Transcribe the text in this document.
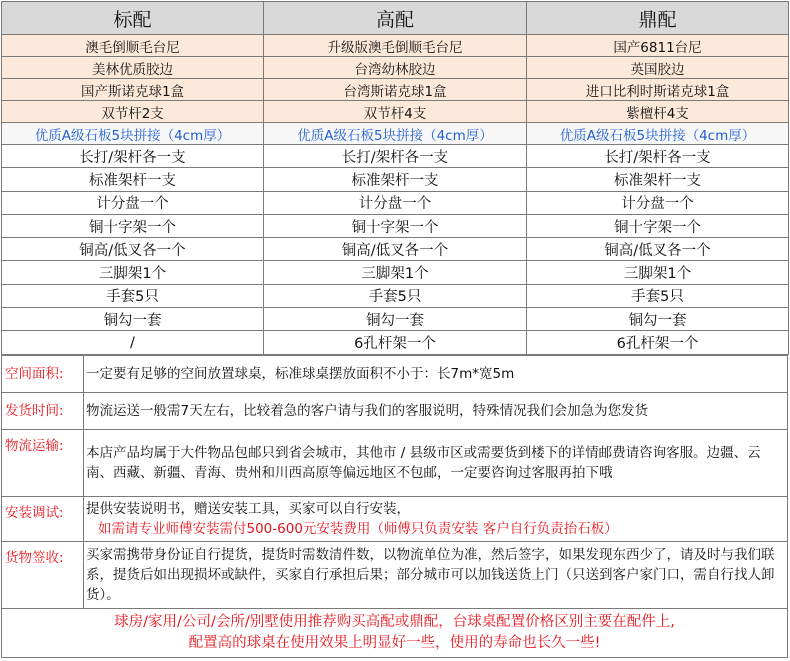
标配	高配	鼎配
澳毛倒顺毛台尼	升级版澳毛倒顺毛台尼	国产6811台尼
美林优质胶边	台湾幼林胶边	英国胶边
国产斯诺克球1盒	台湾斯诺克球1盒	进口比利时斯诺克球1盒
双节杆2支	双节杆4支	紫檀杆4支
优质A级石板5块拼接（4cm厚）	优质A级石板5块拼接（4cm厚）	优质A级石板5块拼接（4cm厚）
长打/架杆各一支	长打/架杆各一支	长打/架杆各一支
标准架杆一支	标准架杆一支	标准架杆一支
计分盘一个	计分盘一个	计分盘一个
铜十字架一个	铜十字架一个	铜十字架一个
铜高/低叉各一个	铜高/低叉各一个	铜高/低叉各一个
三脚架1个	三脚架1个	三脚架1个
手套5只	手套5只	手套5只
铜勾一套	铜勾一套	铜勾一套
/	6孔杆架一个	6孔杆架一个
空间面积:	一定要有足够的空间放置球桌，标准球桌摆放面积不小于：长7m*宽5m
发货时间:	物流运送一般需7天左右，比较着急的客户请与我们的客服说明，特殊情况我们会加急为您发货
物流运输:	本店产品均属于大件物品包邮只到省会城市，其他市 / 县级市区或需要货到楼下的详情邮费请咨询客服。边疆、云南、西藏、新疆、青海、贵州和川西高原等偏远地区不包邮，一定要咨询过客服再拍下哦
安装调试:	提供安装说明书，赠送安装工具，买家可以自行安装，

如需请专业师傅安装需付500-600元安装费用（师傅只负责安装 客户自行负责抬石板）

货物签收:	买家需携带身份证自行提货，提货时需数清件数，以物流单位为准，然后签字，如果发现东西少了，请及时与我们联系，提货后如出现损坏或缺件，买家自行承担后果；部分城市可以加钱送货上门（只送到客户家门口，需自行找人卸货）。
球房/家用/公司/会所/别墅使用推荐购买高配或鼎配，台球桌配置价格区别主要在配件上,
配置高的球桌在使用效果上明显好一些，使用的寿命也长久一些!	
